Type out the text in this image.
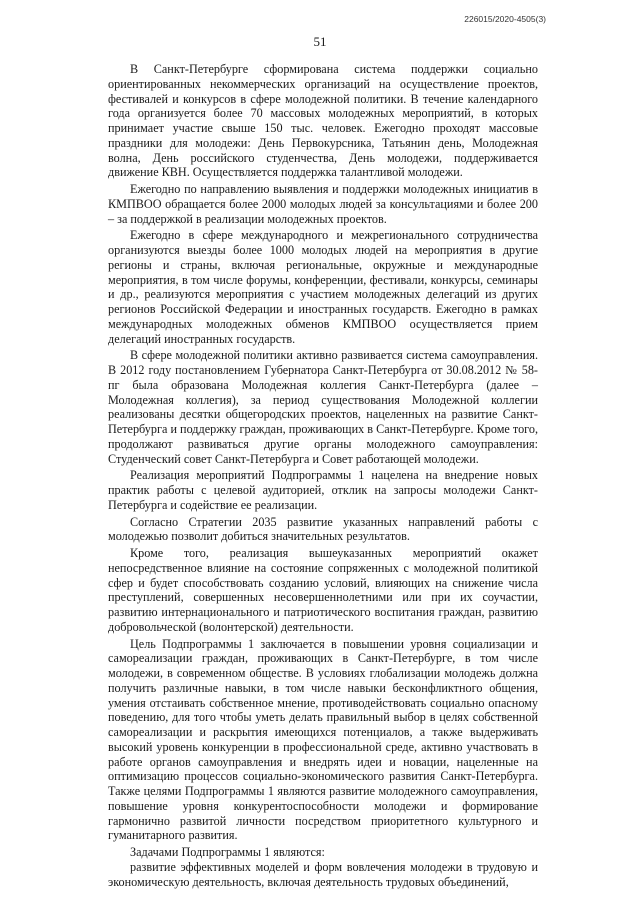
226015/2020-4505(3)
51

В Санкт-Петербурге сформирована система поддержки социально ориентированных некоммерческих организаций на осуществление проектов, фестивалей и конкурсов в сфере молодежной политики. В течение календарного года организуется более 70 массовых молодежных мероприятий, в которых принимает участие свыше 150 тыс. человек. Ежегодно проходят массовые праздники для молодежи: День Первокурсника, Татьянин день, Молодежная волна, День российского студенчества, День молодежи, поддерживается движение КВН. Осуществляется поддержка талантливой молодежи.

Ежегодно по направлению выявления и поддержки молодежных инициатив в КМПВОО обращается более 2000 молодых людей за консультациями и более 200 – за поддержкой в реализации молодежных проектов.

Ежегодно в сфере международного и межрегионального сотрудничества организуются выезды более 1000 молодых людей на мероприятия в другие регионы и страны, включая региональные, окружные и международные мероприятия, в том числе форумы, конференции, фестивали, конкурсы, семинары и др., реализуются мероприятия с участием молодежных делегаций из других регионов Российской Федерации и иностранных государств. Ежегодно в рамках международных молодежных обменов КМПВОО осуществляется прием делегаций иностранных государств.

В сфере молодежной политики активно развивается система самоуправления. В 2012 году постановлением Губернатора Санкт-Петербурга от 30.08.2012 № 58-пг была образована Молодежная коллегия Санкт-Петербурга (далее – Молодежная коллегия), за период существования Молодежной коллегии реализованы десятки общегородских проектов, нацеленных на развитие Санкт-Петербурга и поддержку граждан, проживающих в Санкт-Петербурге. Кроме того, продолжают развиваться другие органы молодежного самоуправления: Студенческий совет Санкт-Петербурга и Совет работающей молодежи.

Реализация мероприятий Подпрограммы 1 нацелена на внедрение новых практик работы с целевой аудиторией, отклик на запросы молодежи Санкт-Петербурга и содействие ее реализации.

Согласно Стратегии 2035 развитие указанных направлений работы с молодежью позволит добиться значительных результатов.

Кроме того, реализация вышеуказанных мероприятий окажет непосредственное влияние на состояние сопряженных с молодежной политикой сфер и будет способствовать созданию условий, влияющих на снижение числа преступлений, совершенных несовершеннолетними или при их соучастии, развитию интернационального и патриотического воспитания граждан, развитию добровольческой (волонтерской) деятельности.

Цель Подпрограммы 1 заключается в повышении уровня социализации и самореализации граждан, проживающих в Санкт-Петербурге, в том числе молодежи, в современном обществе. В условиях глобализации молодежь должна получить различные навыки, в том числе навыки бесконфликтного общения, умения отстаивать собственное мнение, противодействовать социально опасному поведению, для того чтобы уметь делать правильный выбор в целях собственной самореализации и раскрытия имеющихся потенциалов, а также выдерживать высокий уровень конкуренции в профессиональной среде, активно участвовать в работе органов самоуправления и внедрять идеи и новации, нацеленные на оптимизацию процессов социально-экономического развития Санкт-Петербурга. Также целями Подпрограммы 1 являются развитие молодежного самоуправления, повышение уровня конкурентоспособности молодежи и формирование гармонично развитой личности посредством приоритетного культурного и гуманитарного развития.

Задачами Подпрограммы 1 являются:

развитие эффективных моделей и форм вовлечения молодежи в трудовую и экономическую деятельность, включая деятельность трудовых объединений,
